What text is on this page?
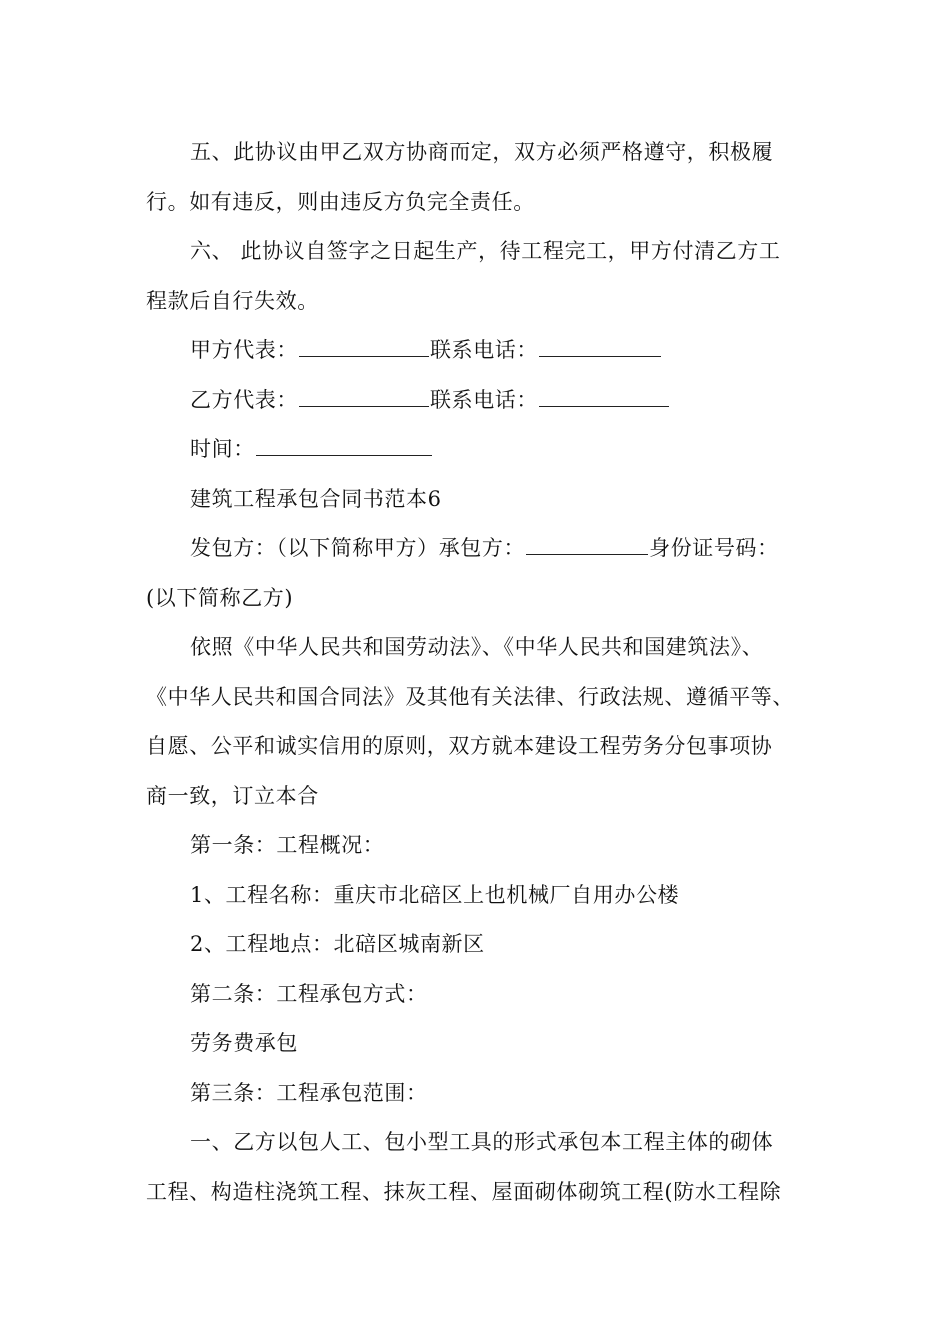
五、此协议由甲乙双方协商而定，双方必须严格遵守，积极履
行。如有违反，则由违反方负完全责任。
六、 此协议自签字之日起生产，待工程完工，甲方付清乙方工
程款后自行失效。
甲方代表：	联系电话：
乙方代表：	联系电话：
时间：
建筑工程承包合同书范本6
发包方：（以下简称甲方）承包方：	身份证号码：
(以下简称乙方)
依照《中华人民共和国劳动法》、《中华人民共和国建筑法》、
《中华人民共和国合同法》及其他有关法律、行政法规、遵循平等、
自愿、公平和诚实信用的原则，双方就本建设工程劳务分包事项协
商一致，订立本合
第一条：工程概况：
1、工程名称：重庆市北碚区上也机械厂自用办公楼
2、工程地点：北碚区城南新区
第二条：工程承包方式：
劳务费承包
第三条：工程承包范围：
一、乙方以包人工、包小型工具的形式承包本工程主体的砌体
工程、构造柱浇筑工程、抹灰工程、屋面砌体砌筑工程(防水工程除
